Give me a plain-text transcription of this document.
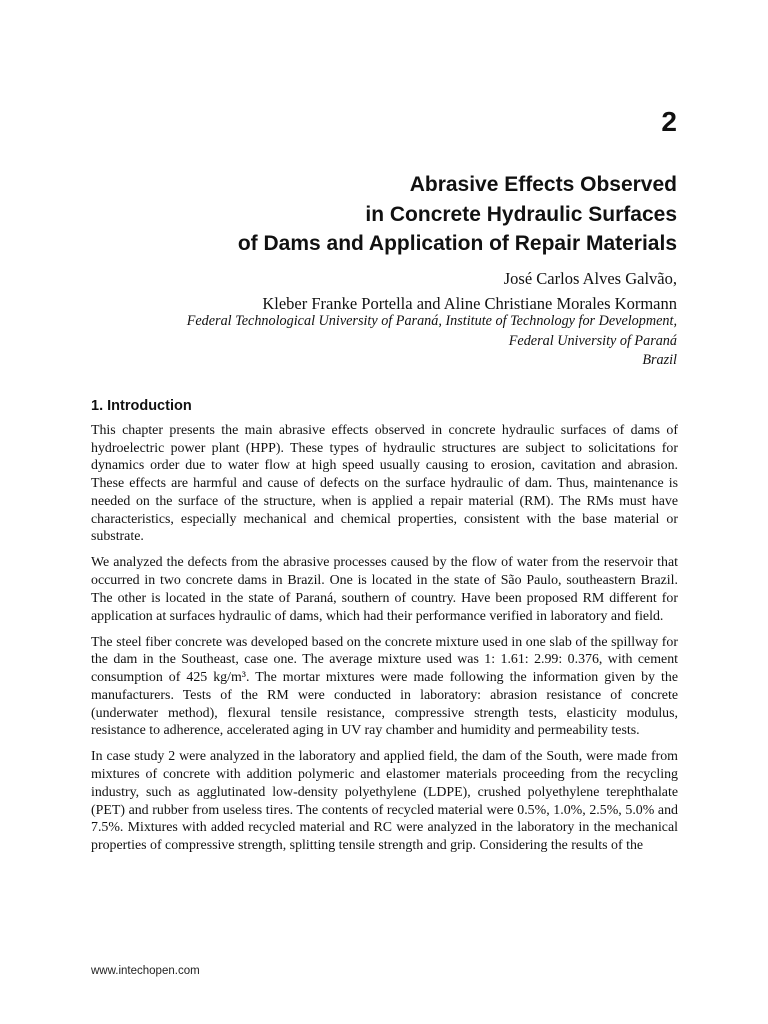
2
Abrasive Effects Observed
in Concrete Hydraulic Surfaces
of Dams and Application of Repair Materials
José Carlos Alves Galvão,
Kleber Franke Portella and Aline Christiane Morales Kormann
Federal Technological University of Paraná, Institute of Technology for Development,
Federal University of Paraná
Brazil
1. Introduction

This chapter presents the main abrasive effects observed in concrete hydraulic surfaces of dams of hydroelectric power plant (HPP). These types of hydraulic structures are subject to solicitations for dynamics order due to water flow at high speed usually causing to erosion, cavitation and abrasion. These effects are harmful and cause of defects on the surface hydraulic of dam. Thus, maintenance is needed on the surface of the structure, when is applied a repair material (RM). The RMs must have characteristics, especially mechanical and chemical properties, consistent with the base material or substrate.

We analyzed the defects from the abrasive processes caused by the flow of water from the reservoir that occurred in two concrete dams in Brazil. One is located in the state of São Paulo, southeastern Brazil. The other is located in the state of Paraná, southern of country. Have been proposed RM different for application at surfaces hydraulic of dams, which had their performance verified in laboratory and field.

The steel fiber concrete was developed based on the concrete mixture used in one slab of the spillway for the dam in the Southeast, case one. The average mixture used was 1: 1.61: 2.99: 0.376, with cement consumption of 425 kg/m³. The mortar mixtures were made following the information given by the manufacturers. Tests of the RM were conducted in laboratory: abrasion resistance of concrete (underwater method), flexural tensile resistance, compressive strength tests, elasticity modulus, resistance to adherence, accelerated aging in UV ray chamber and humidity and permeability tests.

In case study 2 were analyzed in the laboratory and applied field, the dam of the South, were made from mixtures of concrete with addition polymeric and elastomer materials proceeding from the recycling industry, such as agglutinated low-density polyethylene (LDPE), crushed polyethylene terephthalate (PET) and rubber from useless tires. The contents of recycled material were 0.5%, 1.0%, 2.5%, 5.0% and 7.5%. Mixtures with added recycled material and RC were analyzed in the laboratory in the mechanical properties of compressive strength, splitting tensile strength and grip. Considering the results of the

www.intechopen.com
